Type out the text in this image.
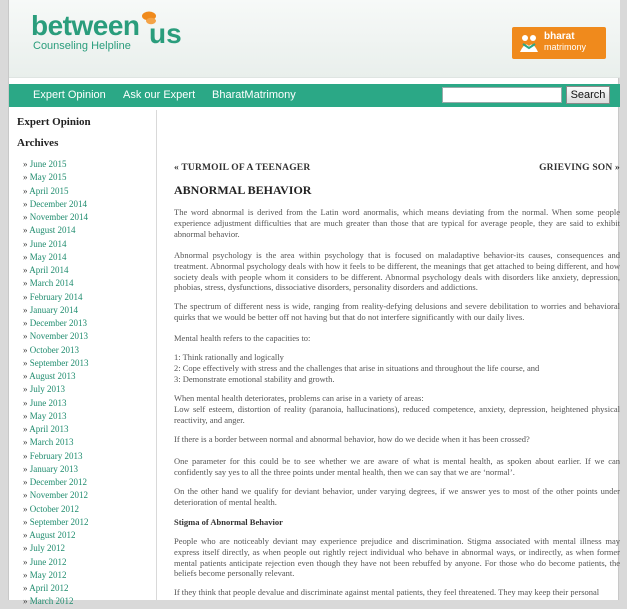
between us
Counseling Helpline
bharat
matrimony
Expert Opinion Ask our Expert BharatMatrimony	Search
Expert Opinion
Archives
» June 2015
» May 2015
» April 2015
» December 2014
» November 2014
» August 2014
» June 2014
» May 2014
» April 2014
» March 2014
» February 2014
» January 2014
» December 2013
» November 2013
» October 2013
» September 2013
» August 2013
» July 2013
» June 2013
» May 2013
» April 2013
» March 2013
» February 2013
» January 2013
» December 2012
» November 2012
» October 2012
» September 2012
» August 2012
» July 2012
» June 2012
» May 2012
» April 2012
» March 2012
« TURMOIL OF A TEENAGER	GRIEVING SON »
ABNORMAL BEHAVIOR
The word abnormal is derived from the Latin word anormalis, which means deviating from the normal. When some people experience adjustment difficulties that are much greater than those that are typical for average people, they are said to exhibit abnormal behavior.
Abnormal psychology is the area within psychology that is focused on maladaptive behavior-its causes, consequences and treatment. Abnormal psychology deals with how it feels to be different, the meanings that get attached to being different, and how society deals with people whom it considers to be different. Abnormal psychology deals with disorders like anxiety, depression, phobias, stress, dysfunctions, dissociative disorders, personality disorders and addictions.
The spectrum of different ness is wide, ranging from reality-defying delusions and severe debilitation to worries and behavioral quirks that we would be better off not having but that do not interfere significantly with our daily lives.
Mental health refers to the capacities to:
1: Think rationally and logically
2: Cope effectively with stress and the challenges that arise in situations and throughout the life course, and
3: Demonstrate emotional stability and growth.
When mental health deteriorates, problems can arise in a variety of areas:
Low self esteem, distortion of reality (paranoia, hallucinations), reduced competence, anxiety, depression, heightened physical reactivity, and anger.
If there is a border between normal and abnormal behavior, how do we decide when it has been crossed?
One parameter for this could be to see whether we are aware of what is mental health, as spoken about earlier. If we can confidently say yes to all the three points under mental health, then we can say that we are ‘normal’.
On the other hand we qualify for deviant behavior, under varying degrees, if we answer yes to most of the other points under deterioration of mental health.
Stigma of Abnormal Behavior
People who are noticeably deviant may experience prejudice and discrimination. Stigma associated with mental illness may express itself directly, as when people out rightly reject individual who behave in abnormal ways, or indirectly, as when former mental patients anticipate rejection even though they have not been rebuffed by anyone. For those who do become patients, the beliefs become personally relevant.
If they think that people devalue and discriminate against mental patients, they feel threatened. They may keep their personal
